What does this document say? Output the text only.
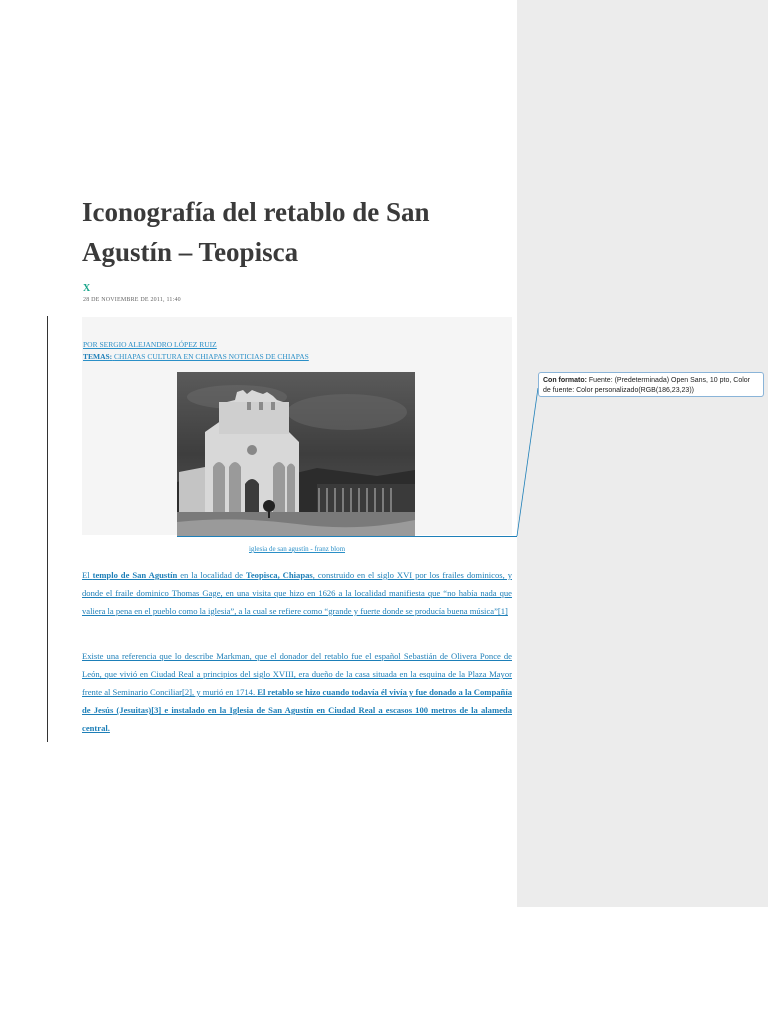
Iconografía del retablo de San Agustín – Teopisca
X
28 DE NOVIEMBRE DE 2011, 11:40
POR SERGIO ALEJANDRO LÓPEZ RUIZ
TEMAS: CHIAPAS CULTURA EN CHIAPAS NOTICIAS DE CHIAPAS
iglesia de san agustín - franz blom
El templo de San Agustín en la localidad de Teopisca, Chiapas, construido en el siglo XVI por los frailes dominicos, y donde el fraile dominico Thomas Gage, en una visita que hizo en 1626 a la localidad manifiesta que “no había nada que valiera la pena en el pueblo como la iglesia”, a la cual se refiere como “grande y fuerte donde se producía buena música”[1]
Existe una referencia que lo describe Markman, que el donador del retablo fue el español Sebastián de Olivera Ponce de León, que vivió en Ciudad Real a principios del siglo XVIII, era dueño de la casa situada en la esquina de la Plaza Mayor frente al Seminario Conciliar[2], y murió en 1714. El retablo se hizo cuando todavía él vivía y fue donado a la Compañía de Jesús (Jesuitas)[3] e instalado en la Iglesia de San Agustín en Ciudad Real a escasos 100 metros de la alameda central.
Con formato: Fuente: (Predeterminada) Open Sans, 10 pto, Color de fuente: Color personalizado(RGB(186,23,23))
